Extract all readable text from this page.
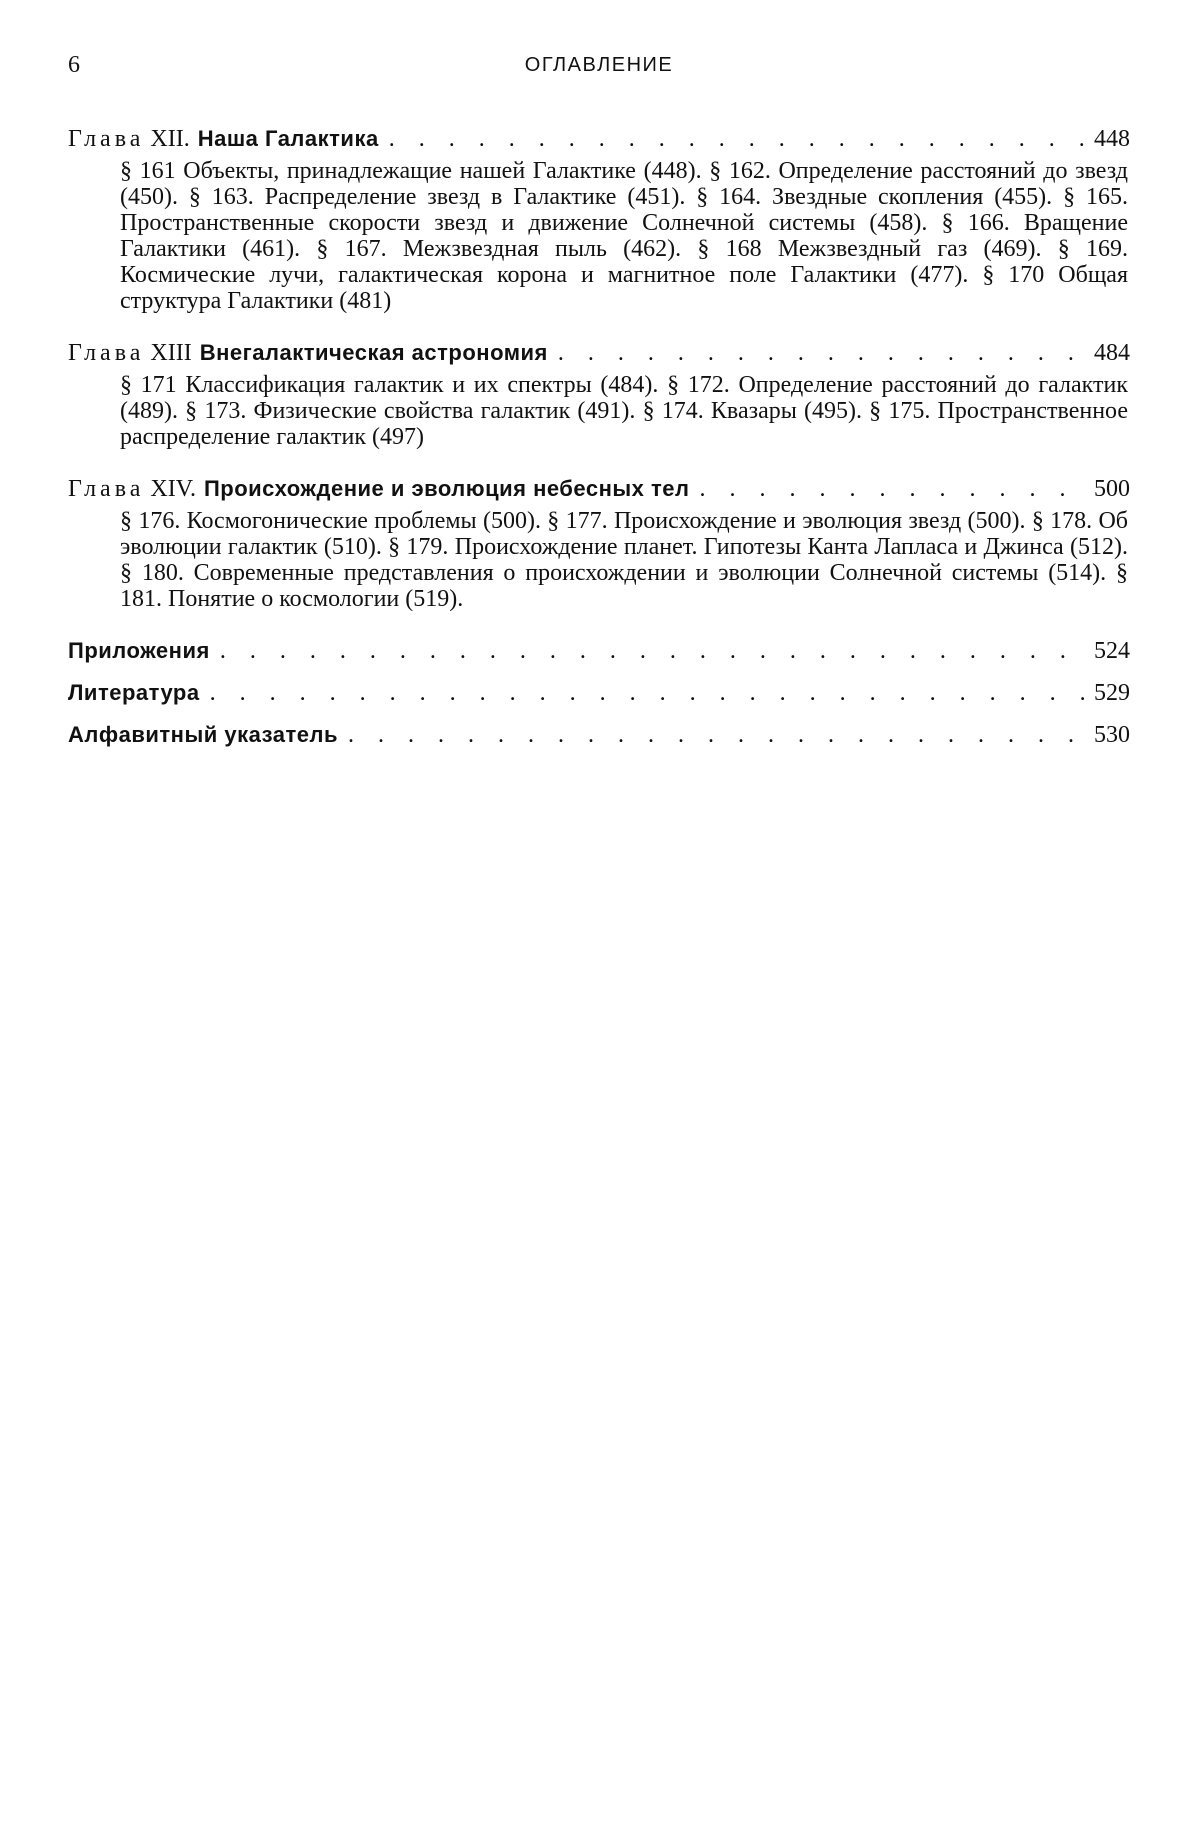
6	ОГЛАВЛЕНИЕ
Глава XII. Наша Галактика . . .	448
§ 161 Объекты, принадлежащие нашей Галактике (448). § 162. Определение расстояний до звезд (450). § 163. Распределение звезд в Галактике (451). § 164. Звездные скопления (455). § 165. Пространственные скорости звезд и движение Солнечной системы (458). § 166. Вращение Галактики (461). § 167. Межзвездная пыль (462). § 168 Межзвездный газ (469). § 169. Космические лучи, галактическая корона и магнитное поле Галактики (477). § 170 Общая структура Галактики (481)
Глава XIII Внегалактическая астрономия . . .	484
§ 171 Классификация галактик и их спектры (484). § 172. Определение расстояний до галактик (489). § 173. Физические свойства галактик (491). § 174. Квазары (495). § 175. Пространственное распределение галактик (497)
Глава XIV. Происхождение и эволюция небесных тел . . .	500
§ 176. Космогонические проблемы (500). § 177. Происхождение и эволюция звезд (500). § 178. Об эволюции галактик (510). § 179. Происхождение планет. Гипотезы Канта Лапласа и Джинса (512). § 180. Современные представления о происхождении и эволюции Солнечной системы (514). § 181. Понятие о космологии (519).
Приложения . . .	524
Литература . . .	529
Алфавитный указатель . . .	530
